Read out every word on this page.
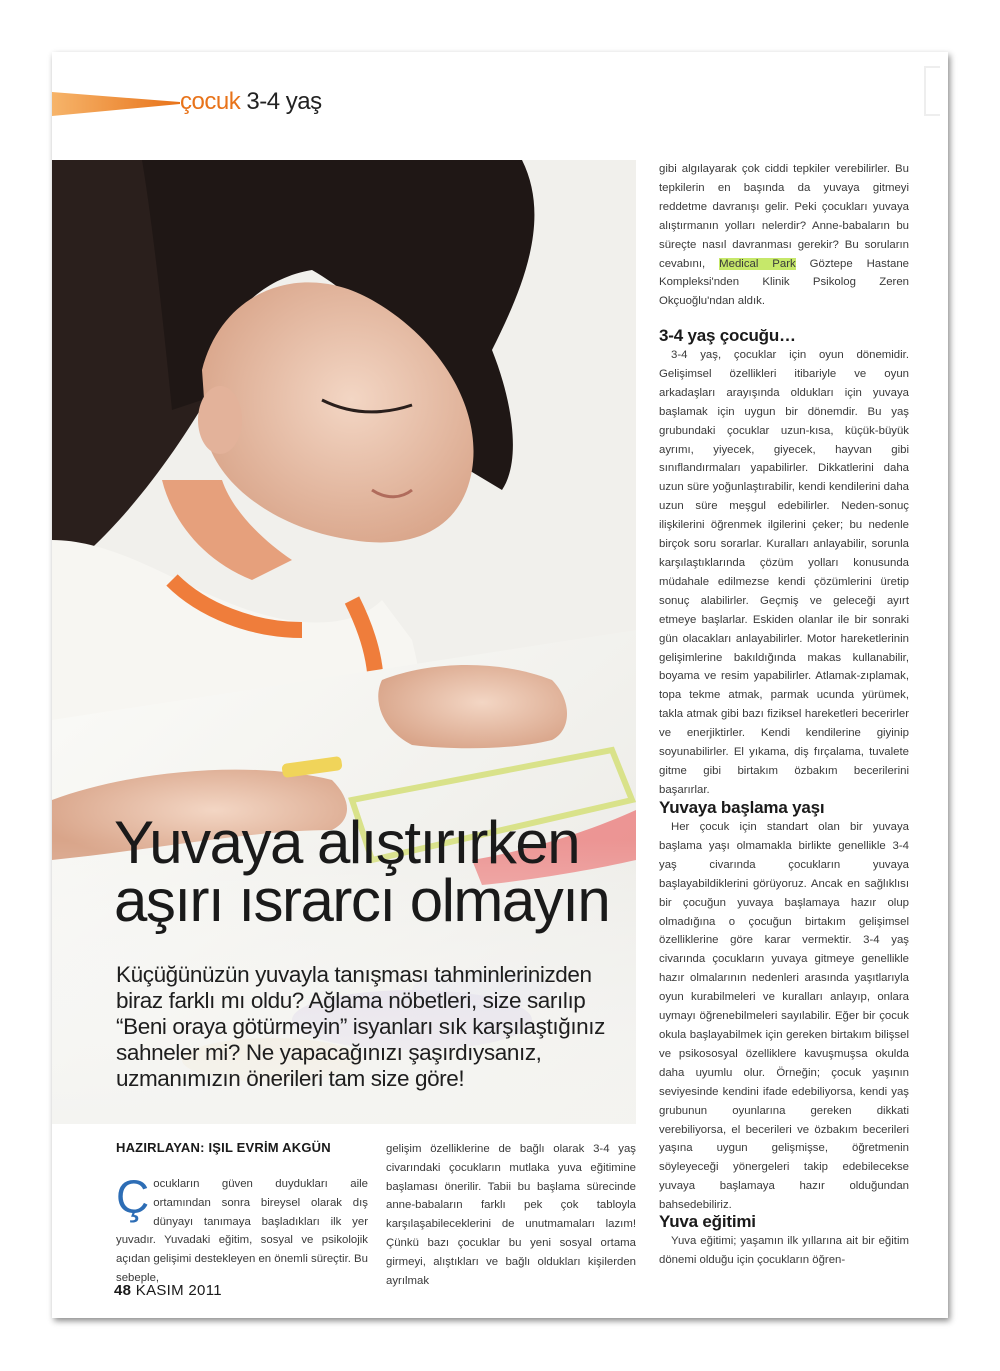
çocuk 3-4 yaş
Yuvaya alıştırırken
aşırı ısrarcı olmayın

Küçüğünüzün yuvayla tanışması tahminlerinizden biraz farklı mı oldu? Ağlama nöbetleri, size sarılıp “Beni oraya götürmeyin” isyanları sık karşılaştığınız sahneler mi? Ne yapacağınızı şaşırdıysanız, uzmanımızın önerileri tam size göre!

HAZIRLAYAN: IŞIL EVRİM AKGÜN

Çocukların güven duydukları aile ortamından sonra bireysel olarak dış dünyayı tanımaya başladıkları ilk yer yuvadır. Yuvadaki eğitim, sosyal ve psikolojik açıdan gelişimi destekleyen en önemli süreçtir. Bu sebeple,

gelişim özelliklerine de bağlı olarak 3-4 yaş civarındaki çocukların mutlaka yuva eğitimine başlaması önerilir. Tabii bu başlama sürecinde anne-babaların farklı pek çok tabloyla karşılaşabileceklerini de unutmamaları lazım! Çünkü bazı çocuklar bu yeni sosyal ortama girmeyi, alıştıkları ve bağlı oldukları kişilerden ayrılmak

gibi algılayarak çok ciddi tepkiler verebilirler. Bu tepkilerin en başında da yuvaya gitmeyi reddetme davranışı gelir. Peki çocukları yuvaya alıştırmanın yolları nelerdir? Anne-babaların bu süreçte nasıl davranması gerekir? Bu soruların cevabını, Medical Park Göztepe Hastane Kompleksi'nden Klinik Psikolog Zeren Okçuoğlu'ndan aldık.

3-4 yaş çocuğu…

3-4 yaş, çocuklar için oyun dönemidir. Gelişimsel özellikleri itibariyle ve oyun arkadaşları arayışında oldukları için yuvaya başlamak için uygun bir dönemdir. Bu yaş grubundaki çocuklar uzun-kısa, küçük-büyük ayrımı, yiyecek, giyecek, hayvan gibi sınıflandırmaları yapabilirler. Dikkatlerini daha uzun süre yoğunlaştırabilir, kendi kendilerini daha uzun süre meşgul edebilirler. Neden-sonuç ilişkilerini öğrenmek ilgilerini çeker; bu nedenle birçok soru sorarlar. Kuralları anlayabilir, sorunla karşılaştıklarında çözüm yolları konusunda müdahale edilmezse kendi çözümlerini üretip sonuç alabilirler. Geçmiş ve geleceği ayırt etmeye başlarlar. Eskiden olanlar ile bir sonraki gün olacakları anlayabilirler. Motor hareketlerinin gelişimlerine bakıldığında makas kullanabilir, boyama ve resim yapabilirler. Atlamak-zıplamak, topa tekme atmak, parmak ucunda yürümek, takla atmak gibi bazı fiziksel hareketleri becerirler ve enerjiktirler. Kendi kendilerine giyinip soyunabilirler. El yıkama, diş fırçalama, tuvalete gitme gibi birtakım özbakım becerilerini başarırlar.

Yuvaya başlama yaşı

Her çocuk için standart olan bir yuvaya başlama yaşı olmamakla birlikte genellikle 3-4 yaş civarında çocukların yuvaya başlayabildiklerini görüyoruz. Ancak en sağlıklısı bir çocuğun yuvaya başlamaya hazır olup olmadığına o çocuğun birtakım gelişimsel özelliklerine göre karar vermektir. 3-4 yaş civarında çocukların yuvaya gitmeye genellikle hazır olmalarının nedenleri arasında yaşıtlarıyla oyun kurabilmeleri ve kuralları anlayıp, onlara uymayı öğrenebilmeleri sayılabilir. Eğer bir çocuk okula başlayabilmek için gereken birtakım bilişsel ve psikososyal özelliklere kavuşmuşsa okulda daha uyumlu olur. Örneğin; çocuk yaşının seviyesinde kendini ifade edebiliyorsa, kendi yaş grubunun oyunlarına gereken dikkati verebiliyorsa, el becerileri ve özbakım becerileri yaşına uygun gelişmişse, öğretmenin söyleyeceği yönergeleri takip edebilecekse yuvaya başlamaya hazır olduğundan bahsedebiliriz.

Yuva eğitimi

Yuva eğitimi; yaşamın ilk yıllarına ait bir eğitim dönemi olduğu için çocukların öğren-

48 KASIM 2011
